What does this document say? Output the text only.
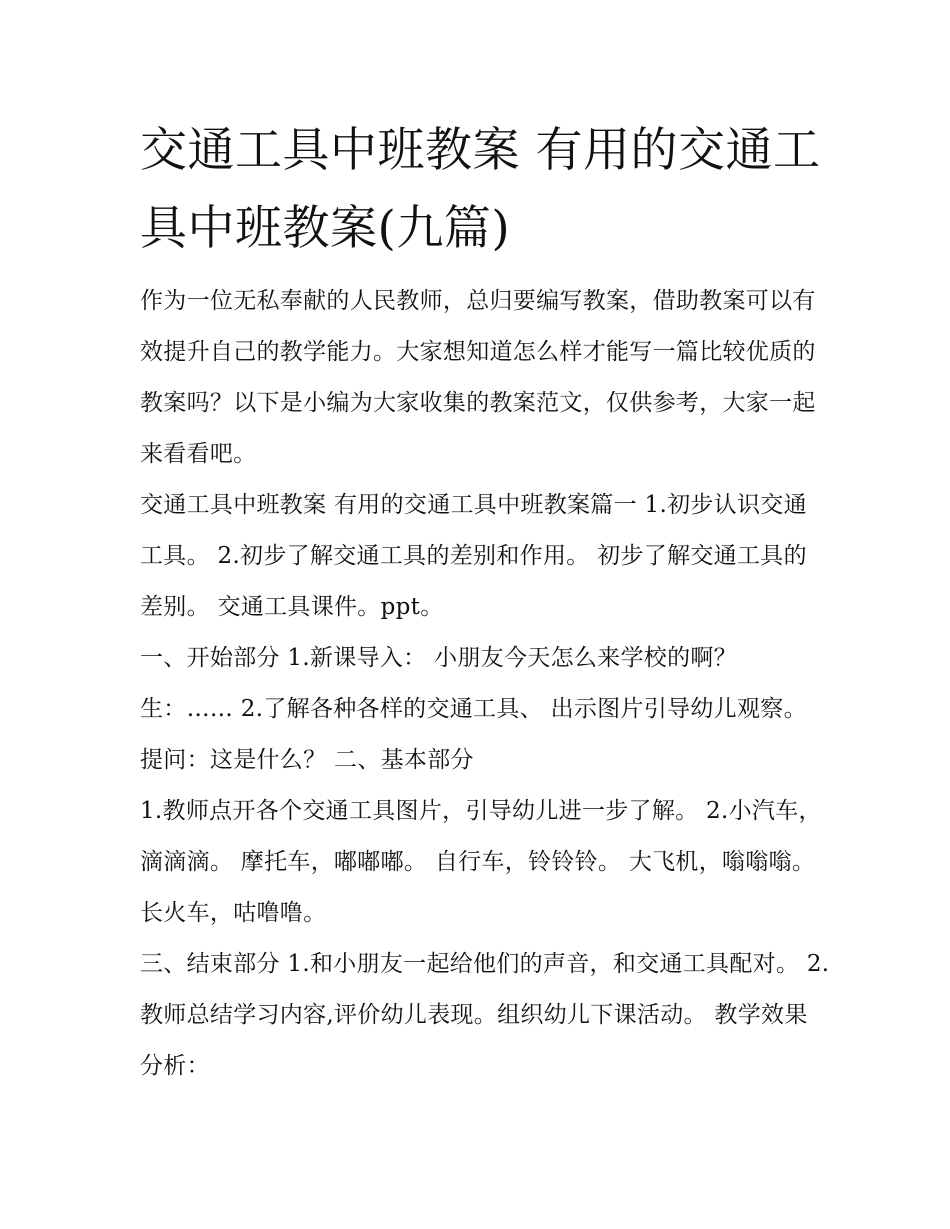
交通工具中班教案 有用的交通工具中班教案(九篇)

作为一位无私奉献的人民教师，总归要编写教案，借助教案可以有效提升自己的教学能力。大家想知道怎么样才能写一篇比较优质的教案吗？以下是小编为大家收集的教案范文，仅供参考，大家一起来看看吧。

交通工具中班教案 有用的交通工具中班教案篇一 1.初步认识交通工具。 2.初步了解交通工具的差别和作用。 初步了解交通工具的差别。 交通工具课件。ppt。

一、开始部分 1.新课导入： 小朋友今天怎么来学校的啊？生：…… 2.了解各种各样的交通工具、 出示图片引导幼儿观察。 提问：这是什么？ 二、基本部分

1.教师点开各个交通工具图片，引导幼儿进一步了解。 2.小汽车，滴滴滴。 摩托车，嘟嘟嘟。 自行车，铃铃铃。 大飞机，嗡嗡嗡。 长火车，咕噜噜。

三、结束部分 1.和小朋友一起给他们的声音，和交通工具配对。 2.教师总结学习内容,评价幼儿表现。组织幼儿下课活动。 教学效果分析：
